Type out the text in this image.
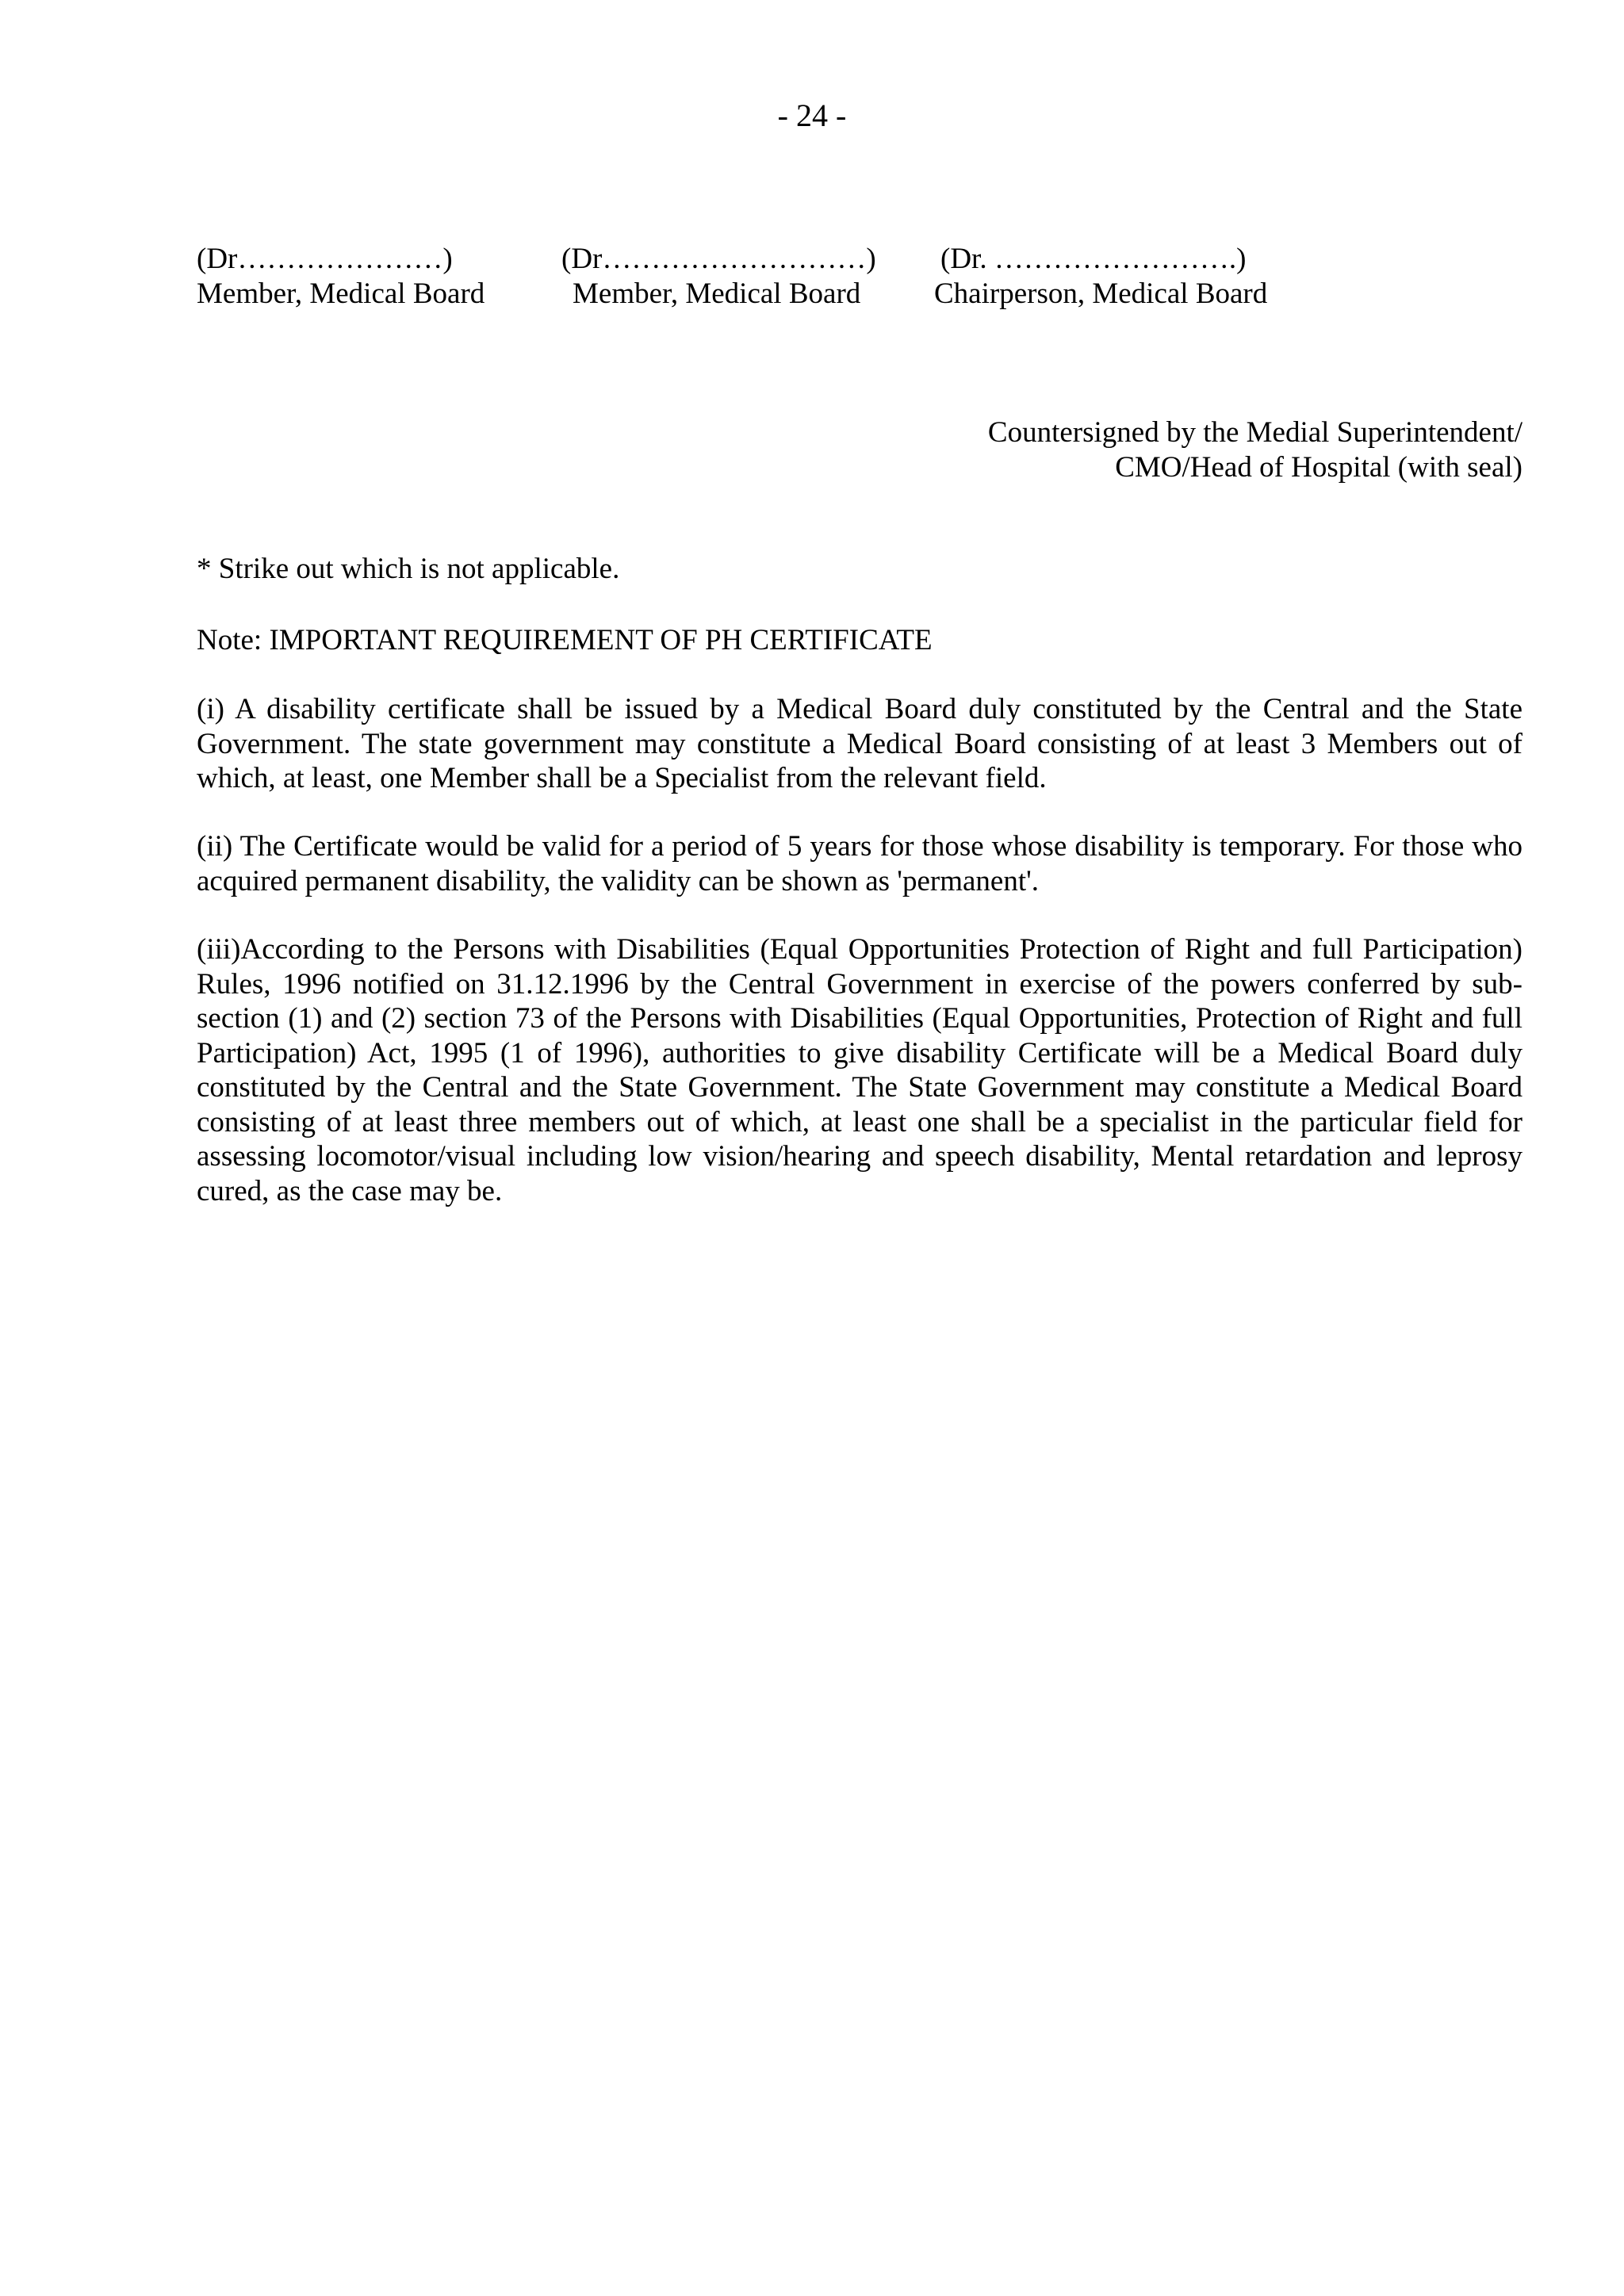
- 24 -
(Dr…………………)
Member, Medical Board
(Dr………………………)
Member, Medical Board
(Dr. …………………….)
Chairperson, Medical Board
Countersigned by the Medial Superintendent/
CMO/Head of Hospital (with seal)
* Strike out which is not applicable.
Note: IMPORTANT REQUIREMENT OF PH CERTIFICATE
(i) A disability certificate shall be issued by a Medical Board duly constituted by the Central and the State Government. The state government may constitute a Medical Board consisting of at least 3 Members out of which, at least, one Member shall be a Specialist from the relevant field.
(ii) The Certificate would be valid for a period of 5 years for those whose disability is temporary. For those who acquired permanent disability, the validity can be shown as 'permanent'.
(iii)According to the Persons with Disabilities (Equal Opportunities Protection of Right and full Participation) Rules, 1996 notified on 31.12.1996 by the Central Government in exercise of the powers conferred by sub-section (1) and (2) section 73 of the Persons with Disabilities (Equal Opportunities, Protection of Right and full Participation) Act, 1995 (1 of 1996), authorities to give disability Certificate will be a Medical Board duly constituted by the Central and the State Government. The State Government may constitute a Medical Board consisting of at least three members out of which, at least one shall be a specialist in the particular field for assessing locomotor/visual including low vision/hearing and speech disability, Mental retardation and leprosy cured, as the case may be.
